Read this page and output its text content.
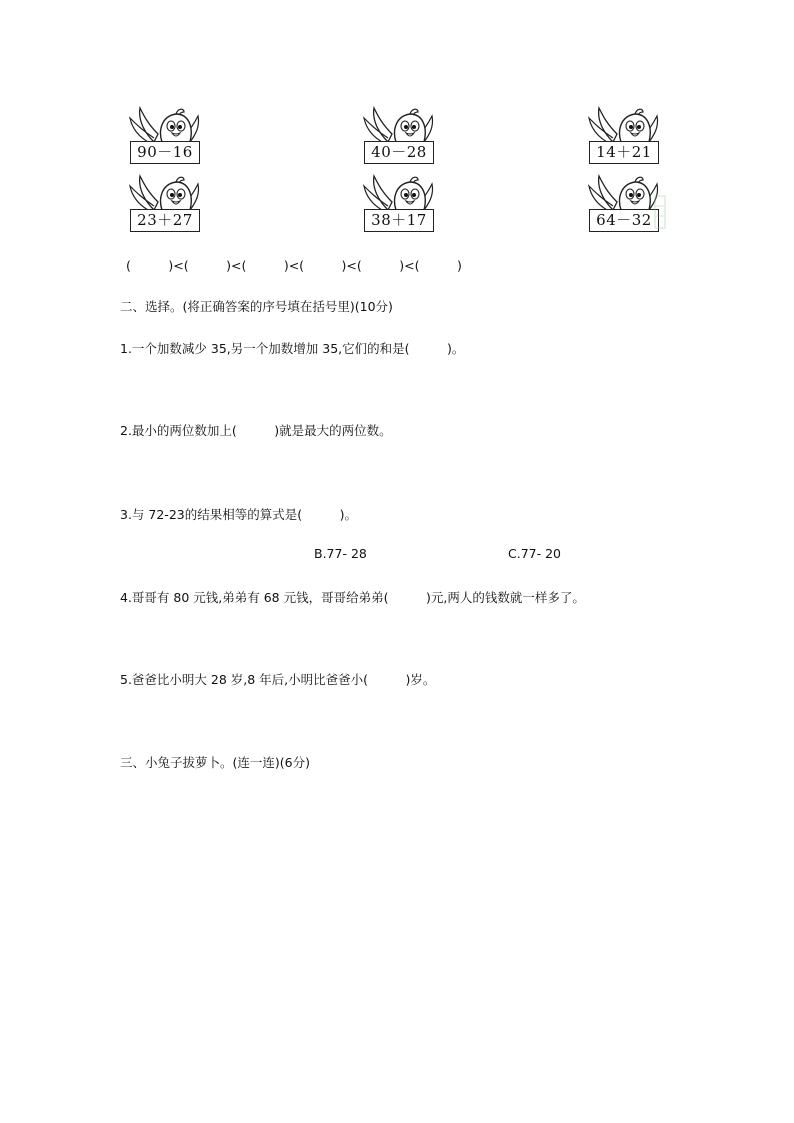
90－16	40－28	14＋21
23＋27	38＋17	64－32
(　　　)<(　　　)<(　　　)<(　　　)<(　　　)<(　　　)
二、选择。(将正确答案的序号填在括号里)(10分)
1.一个加数减少 35,另一个加数增加 35,它们的和是(　　　)。
2.最小的两位数加上(　　　)就是最大的两位数。
3.与 72-23的结果相等的算式是(　　　)。
B.77- 28	C.77- 20
4.哥哥有 80 元钱,弟弟有 68 元钱，哥哥给弟弟(　　　)元,两人的钱数就一样多了。
5.爸爸比小明大 28 岁,8 年后,小明比爸爸小(　　　)岁。
三、小兔子拔萝卜。(连一连)(6分)
